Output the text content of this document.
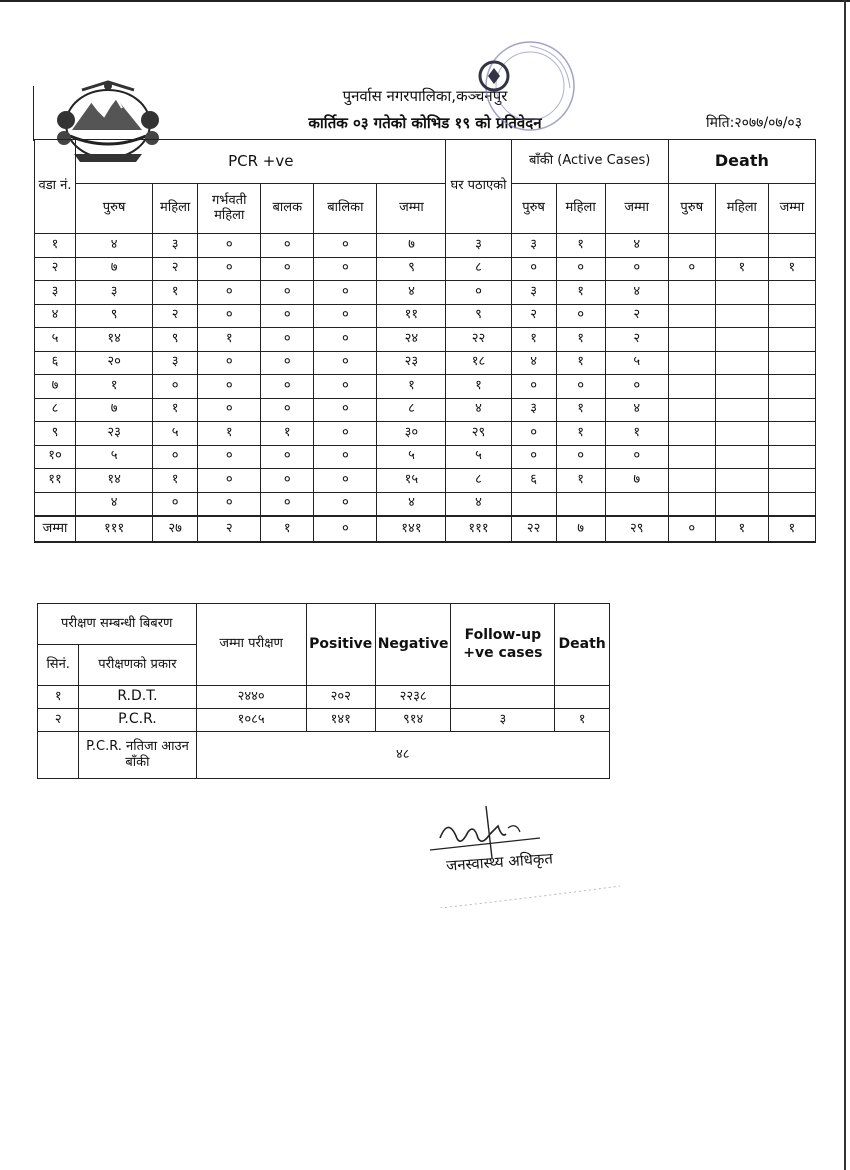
पुनर्वास नगरपालिका,कञ्चनपुर
कार्तिक ०३ गतेको कोभिड १९ को प्रतिवेदन	मिति:२०७७/०७/०३
वडा नं.	PCR +ve						घर पठाएको	बाँकी (Active Cases)			Death		
	पुरुष	महिला	गर्भवती महिला	बालक	बालिका	जम्मा		पुरुष	महिला	जम्मा	पुरुष	महिला	जम्मा
१	४	३	०	०	०	७	३	३	१	४			
२	७	२	०	०	०	९	८	०	०	०	०	१	१
३	३	१	०	०	०	४	०	३	१	४			
४	९	२	०	०	०	११	९	२	०	२			
५	१४	९	१	०	०	२४	२२	१	१	२			
६	२०	३	०	०	०	२३	१८	४	१	५			
७	१	०	०	०	०	१	१	०	०	०			
८	७	१	०	०	०	८	४	३	१	४			
९	२३	५	१	१	०	३०	२९	०	१	१			
१०	५	०	०	०	०	५	५	०	०	०			
११	१४	१	०	०	०	१५	८	६	१	७			
	४	०	०	०	०	४	४						
जम्मा	१११	२७	२	१	०	१४१	१११	२२	७	२९	०	१	१
परीक्षण सम्बन्धी बिबरण		जम्मा परीक्षण	Positive	Negative	Follow-up +ve cases	Death
सिनं.	परीक्षणको प्रकार					
१	R.D.T.	२४४०	२०२	२२३८		
२	P.C.R.	१०८५	१४१	९१४	३	१
	P.C.R. नतिजा आउन बाँकी	४८				
जनस्वास्थ्य अधिकृत
